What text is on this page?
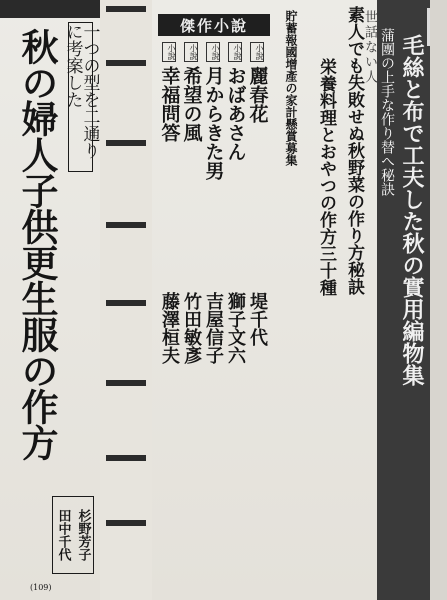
一つの型を二通りに考案した
秋の婦人子供更生服の作方
杉野芳子
田中千代
(109)
傑作小說
小說
麗春花
堤千代
小說
おばあさん
獅子文六
小說
月からきた男
吉屋信子
小說
希望の風
竹田敏彥
小說
幸福問答
藤澤桓夫
世話ない人
素人でも失敗せぬ秋野菜の作り方秘訣
栄養料理とおやつの作方三十種
貯蓄報國增產の家計懸賞募集	毛絲と布で工夫した秋の實用編物集
蒲團の上手な作り替へ秘訣
